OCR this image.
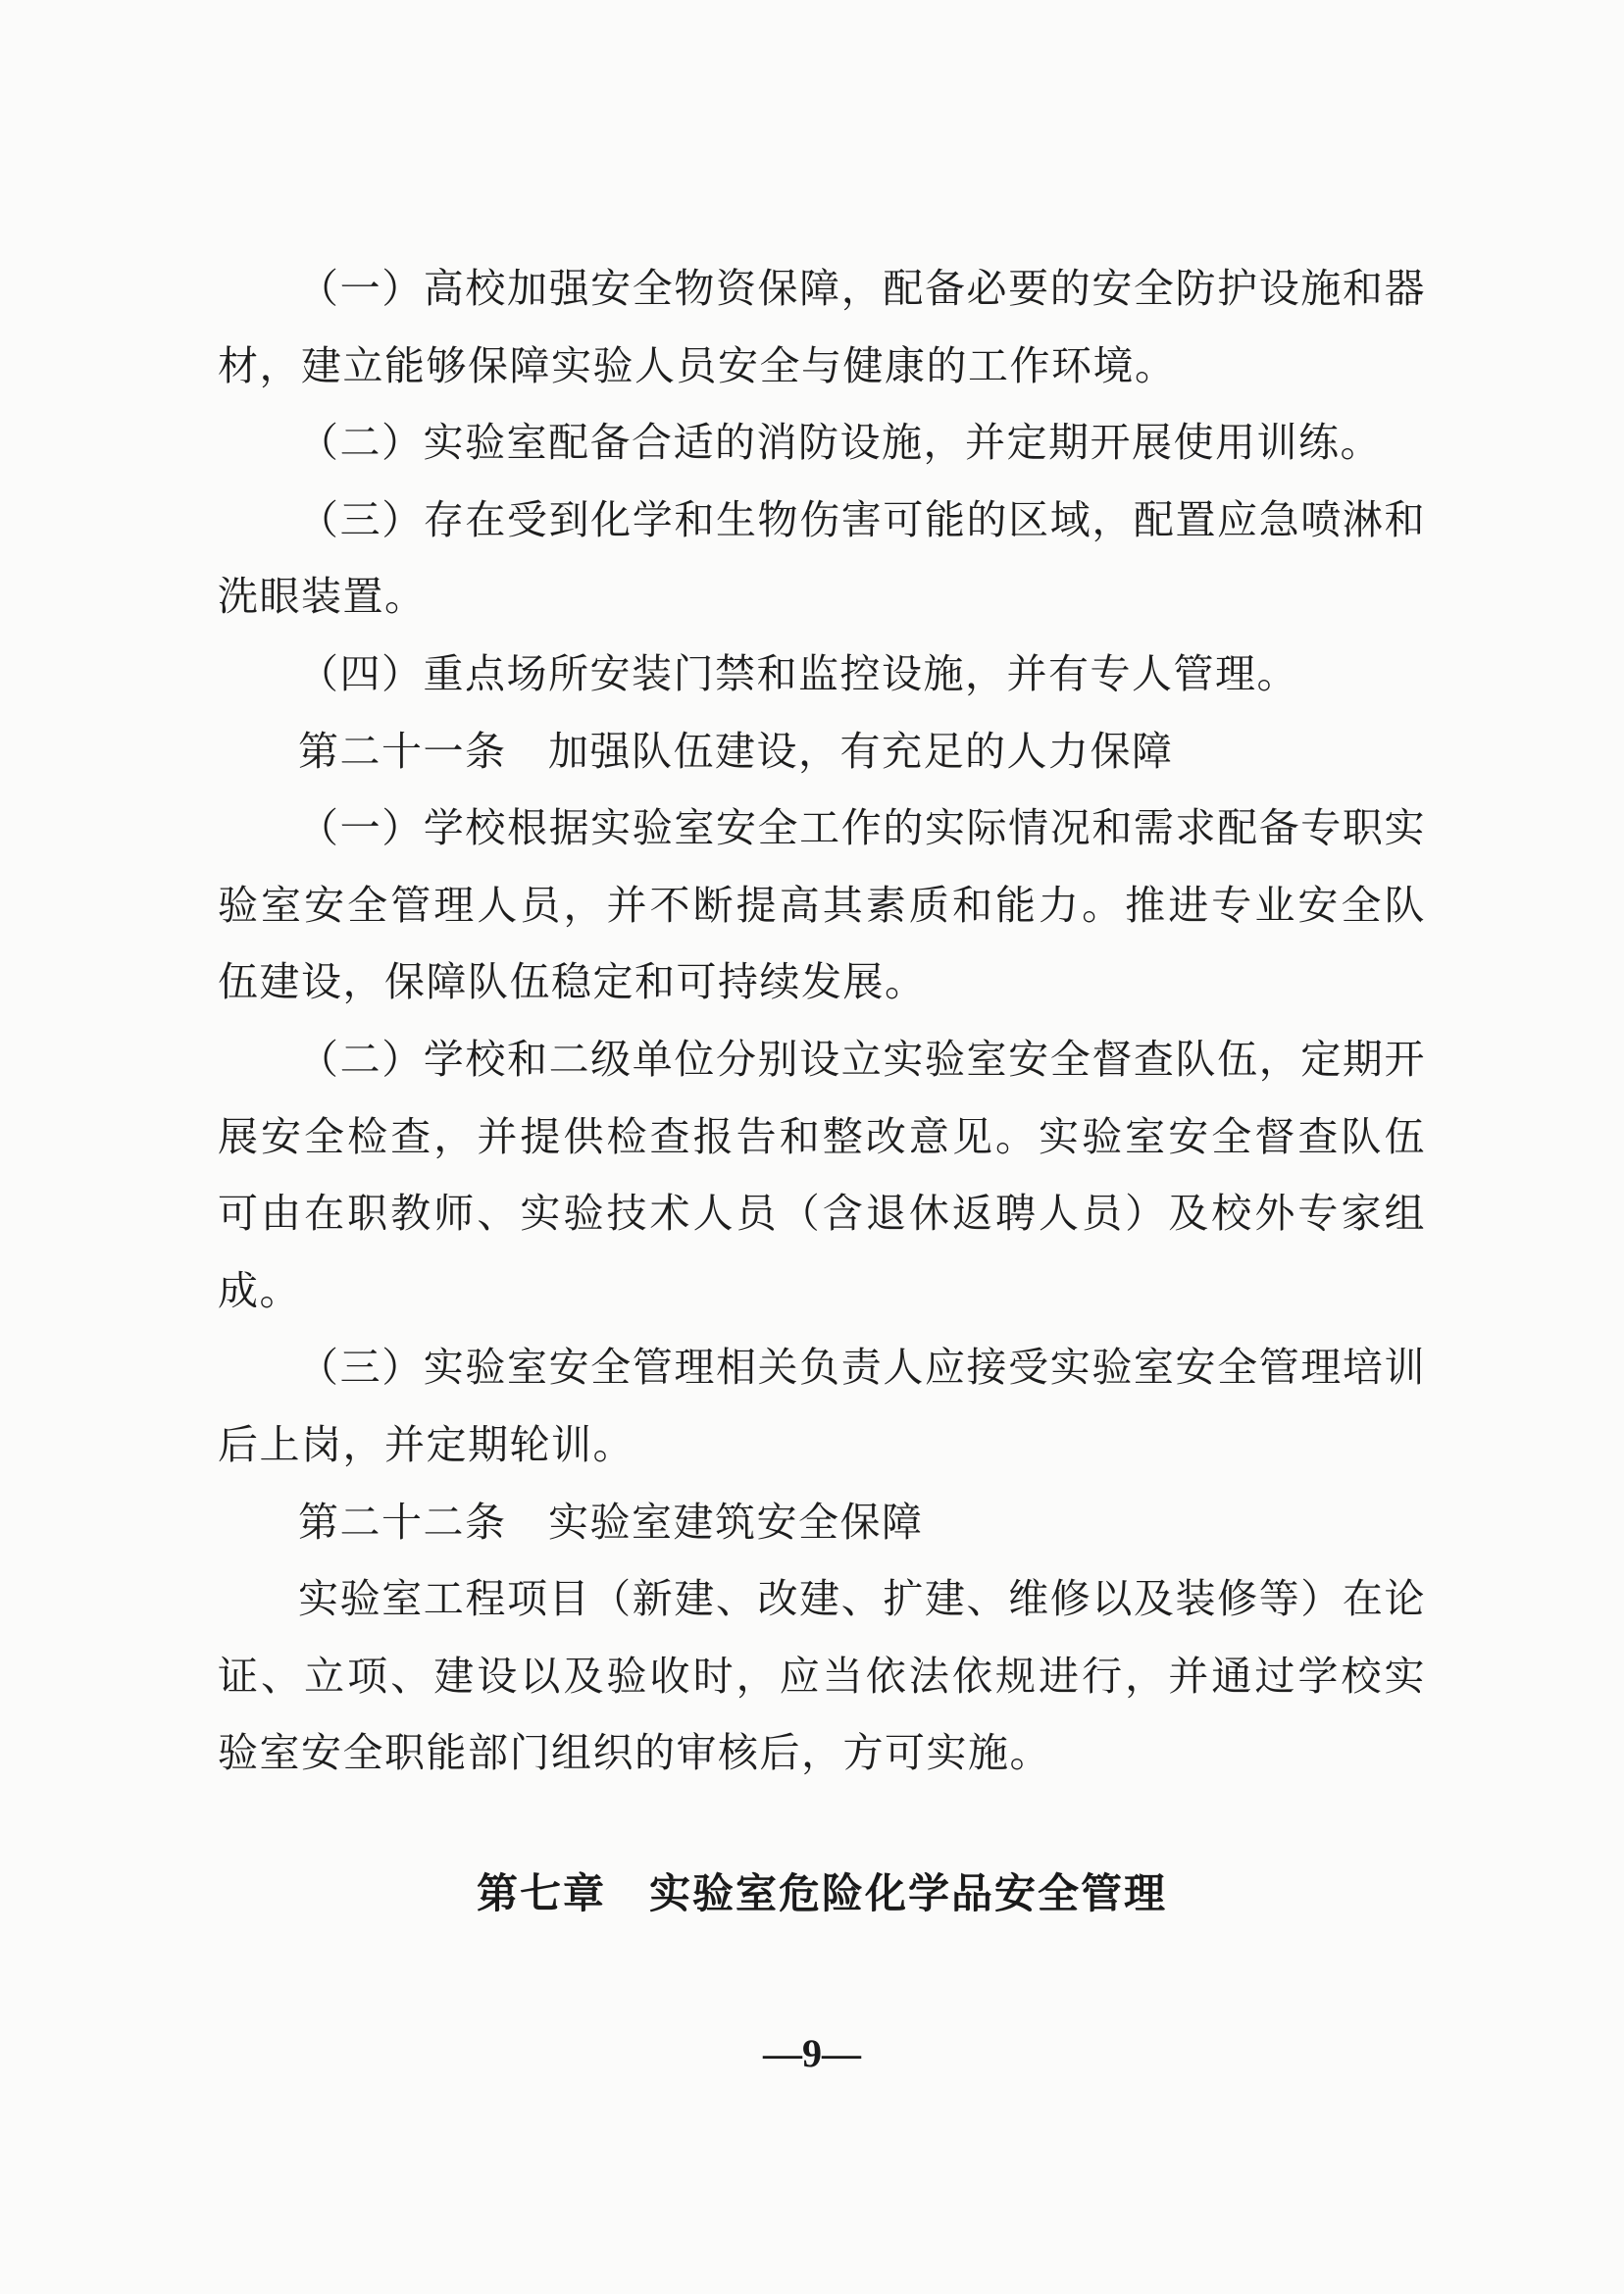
（一）高校加强安全物资保障，配备必要的安全防护设施和器材，建立能够保障实验人员安全与健康的工作环境。

（二）实验室配备合适的消防设施，并定期开展使用训练。

（三）存在受到化学和生物伤害可能的区域，配置应急喷淋和洗眼装置。

（四）重点场所安装门禁和监控设施，并有专人管理。

第二十一条　加强队伍建设，有充足的人力保障

（一）学校根据实验室安全工作的实际情况和需求配备专职实验室安全管理人员，并不断提高其素质和能力。推进专业安全队伍建设，保障队伍稳定和可持续发展。

（二）学校和二级单位分别设立实验室安全督查队伍，定期开展安全检查，并提供检查报告和整改意见。实验室安全督查队伍可由在职教师、实验技术人员（含退休返聘人员）及校外专家组成。

（三）实验室安全管理相关负责人应接受实验室安全管理培训后上岗，并定期轮训。

第二十二条　实验室建筑安全保障

实验室工程项目（新建、改建、扩建、维修以及装修等）在论证、立项、建设以及验收时，应当依法依规进行，并通过学校实验室安全职能部门组织的审核后，方可实施。

第七章　实验室危险化学品安全管理
—9—
